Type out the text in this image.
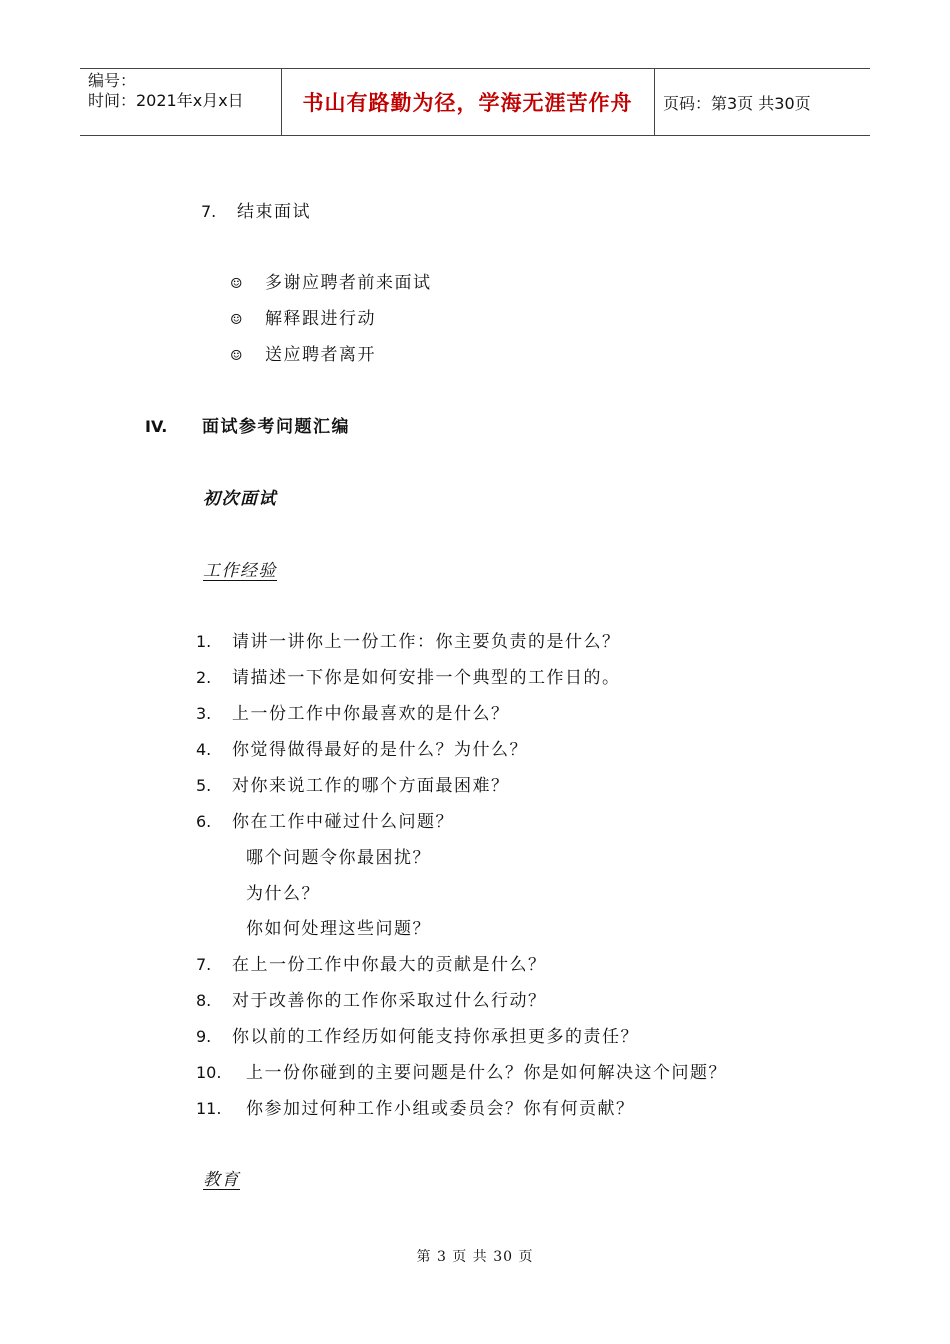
编号：
时间：2021年x月x日	书山有路勤为径，学海无涯苦作舟	页码：第3页 共30页
7. 结束面试
☺ 多谢应聘者前来面试
☺ 解释跟进行动
☺ 送应聘者离开
IV. 面试参考问题汇编
初次面试
工作经验
1. 请讲一讲你上一份工作：你主要负责的是什么？
2. 请描述一下你是如何安排一个典型的工作日的。
3. 上一份工作中你最喜欢的是什么？
4. 你觉得做得最好的是什么？为什么？
5. 对你来说工作的哪个方面最困难？
6. 你在工作中碰过什么问题？
哪个问题令你最困扰？
为什么？
你如何处理这些问题？
7. 在上一份工作中你最大的贡献是什么？
8. 对于改善你的工作你采取过什么行动？
9. 你以前的工作经历如何能支持你承担更多的责任？
10. 上一份你碰到的主要问题是什么？你是如何解决这个问题？
11. 你参加过何种工作小组或委员会？你有何贡献？
教育
第 3 页 共 30 页
